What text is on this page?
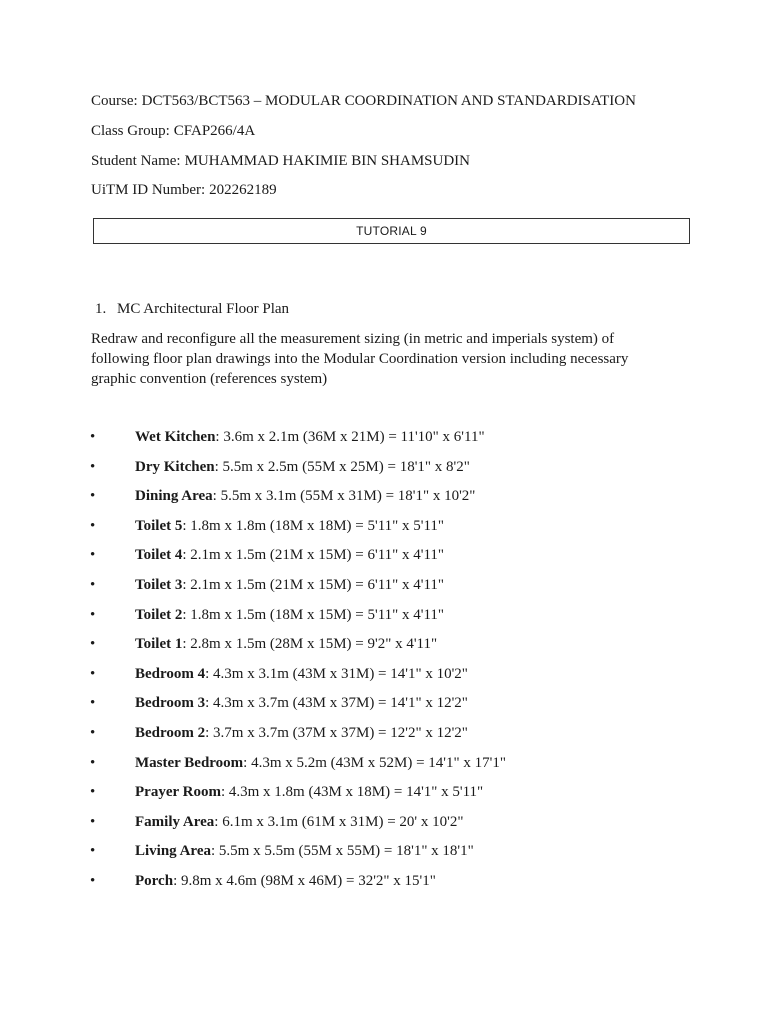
Course: DCT563/BCT563 – MODULAR COORDINATION AND STANDARDISATION
Class Group: CFAP266/4A
Student Name: MUHAMMAD HAKIMIE BIN SHAMSUDIN
UiTM ID Number: 202262189
TUTORIAL 9
1. MC Architectural Floor Plan
Redraw and reconfigure all the measurement sizing (in metric and imperials system) of following floor plan drawings into the Modular Coordination version including necessary graphic convention (references system)
•	Wet Kitchen: 3.6m x 2.1m (36M x 21M) = 11'10" x 6'11"
•	Dry Kitchen: 5.5m x 2.5m (55M x 25M) = 18'1" x 8'2"
•	Dining Area: 5.5m x 3.1m (55M x 31M) = 18'1" x 10'2"
•	Toilet 5: 1.8m x 1.8m (18M x 18M) = 5'11" x 5'11"
•	Toilet 4: 2.1m x 1.5m (21M x 15M) = 6'11" x 4'11"
•	Toilet 3: 2.1m x 1.5m (21M x 15M) = 6'11" x 4'11"
•	Toilet 2: 1.8m x 1.5m (18M x 15M) = 5'11" x 4'11"
•	Toilet 1: 2.8m x 1.5m (28M x 15M) = 9'2" x 4'11"
•	Bedroom 4: 4.3m x 3.1m (43M x 31M) = 14'1" x 10'2"
•	Bedroom 3: 4.3m x 3.7m (43M x 37M) = 14'1" x 12'2"
•	Bedroom 2: 3.7m x 3.7m (37M x 37M) = 12'2" x 12'2"
•	Master Bedroom: 4.3m x 5.2m (43M x 52M) = 14'1" x 17'1"
•	Prayer Room: 4.3m x 1.8m (43M x 18M) = 14'1" x 5'11"
•	Family Area: 6.1m x 3.1m (61M x 31M) = 20' x 10'2"
•	Living Area: 5.5m x 5.5m (55M x 55M) = 18'1" x 18'1"
•	Porch: 9.8m x 4.6m (98M x 46M) = 32'2" x 15'1"
